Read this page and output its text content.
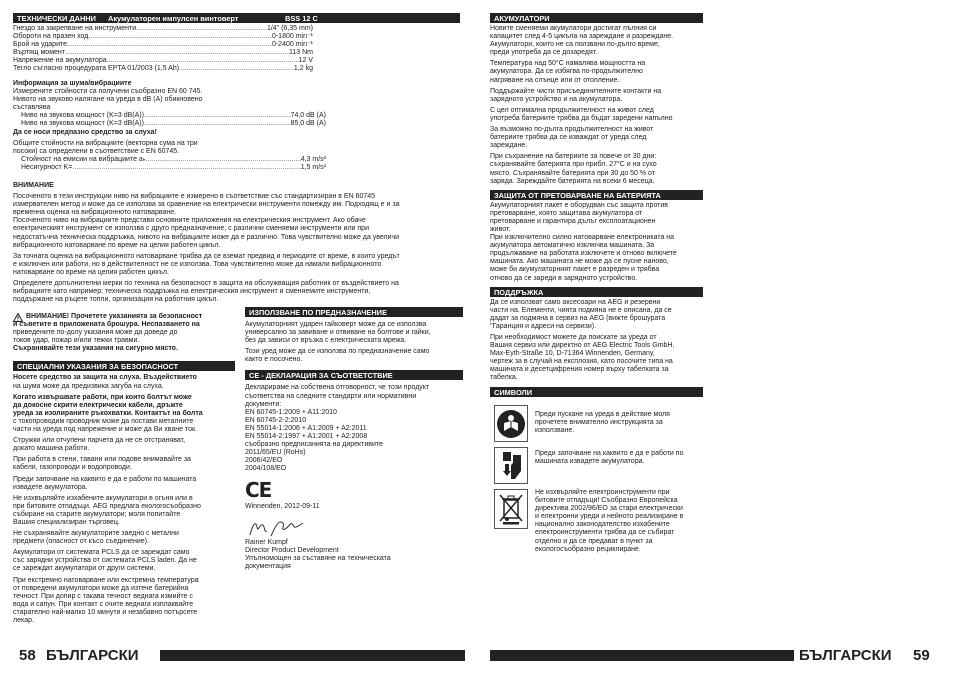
ТЕХНИЧЕСКИ ДАННИ Акумулаторен импулсен винтоверт	BSS 12 C
Гнездо за закрепване на инструменти .....	1/4" (6,35 mm)
Обороти на празен ход .....	0-1800 min⁻¹
Брой на ударите .....	0-2400 min⁻¹
Въртящ момент .....	113 Nm
Напрежение на акумулатора .....	12 V
Тегло съгласно процедурата EPTA 01/2003 (1,5 Ah) .....	1,2 kg

Информация за шума/вибрациите

Измерените стойности са получени съобразно EN 60 745.

Нивото на звуково налягане на уреда в dB (A) обикновено

съставлява

Ниво на звукова мощност (K=3 dB(A)) .....	74,0 dB (A)
Ниво на звукова мощност (K=3 dB(A)) .....	85,0 dB (A)

Да се носи предпазно средство за слуха!

Общите стойности на вибрациите (векторна сума на три

посоки) са определени в съответствие с EN 60745.

Стойност на емисии на вибрациите aₕ .....	4,3 m/s²
Несигурност K= .....	1,5 m/s²

ВНИМАНИЕ

Посоченото в тези инструкции ниво на вибрациите е измерено в съответствие със стандартизиран в EN 60745

измервателен метод и може да се използва за сравнение на електрически инструменти помежду им. Подходящ е и за

временна оценка на вибрационното натоварване.

Посоченото ниво на вибрациите представя основните приложения на електрическия инструмент. Ако обаче

електрическият инструмент се използва с друго предназначение, с различни сменяеми инструменти или при

недостатъчна техническа поддръжка, нивото на вибрациите може да е различно. Това чувствително може да увеличи

вибрационното натоварване по време на целия работен цикъл.

За точната оценка на вибрационното натоварване трябва да се вземат предвид и периодите от време, в които уредът

е изключен или работи, но в действителност не се използва. Това чувствително може да намали вибрационното

натоварване по време на целия работен цикъл.

Определете допълнителни мерки по техника на безопасност в защита на обслужващия работник от въздействието на

вибрациите като например: техническа поддръжка на електрическия инструмент и сменяемите инструменти,

поддържане на ръцете топли, организация на работния цикъл.

ВНИМАНИЕ! Прочетете указанията за безопасност

и съветите в приложената брошура. Неспазването на

приведените по-долу указания може да доведе до

токов удар, пожар и/или тежки травми.

Съхранявайте тези указания на сигурно място.

СПЕЦИАЛНИ УКАЗАНИЯ ЗА БЕЗОПАСНОСТ

Носете средство за защита на слуха. Въздействието

на шума може да предизвика загуба на слуха.

Когато извършвате работи, при които болтът може

да докосне скрити електрически кабели, дръжте

уреда за изолираните ръкохватки. Контактът на болта

с токопроводим проводник може да постави металните

части на уреда под напрежение и може да Ви хване ток.

Стружки или отчупени парчета да не се отстраняват,

докато машина работи.

При работа в стени, тавани или подове внимавайте за

кабели, газопроводи и водопроводи.

Преди започване на каквито е да е работи по машината

извадете акумулатора.

Не изхвърляйте изхабените акумулатори в огъня или в

при битовите отпадъци. AEG предлага екологосъобразно

събиране на старите акумулатори; моля попитайте

Вашия специализиран търговец.

Не съхранявайте акумулаторите заедно с метални

предмети (опасност от късо съединение).

Акумулатори от системата PCLS да се зареждат само

със зарядни устройства от системата PCLS laden. Да не

се зареждат акумулатори от други системи.

При екстремно натоварване или екстремна температура

от повредени акумулатори може да изтече батерийна

течност. При допир с такава течност веднага измийте с

вода и сапун. При контакт с очите веднага изплаквайте

старателно най-малко 10 минути и незабавно потърсете

лекар.

ИЗПОЛЗВАНЕ ПО ПРЕДНАЗНАЧЕНИЕ

Акумулаторният ударен гайковерт може да се използва

универсално за завиване и отвиване на болтове и гайки,

без да зависи от връзка с електрическата мрежа.

Този уред може да се използва по предназначение само

както е посочено.

CE - ДЕКЛАРАЦИЯ ЗА СЪОТВЕТСТВИЕ

Декларираме на собствена отговорност, че този продукт

съответства на следните стандарти или нормативни

документи:

EN 60745-1:2009 + A11:2010

EN 60745-2-2:2010

EN 55014-1:2006 + A1:2009 + A2:2011

EN 55014-2:1997 + A1:2001 + A2:2008

съобразно предписанията на директивите

2011/65/EU (RoHs)

2006/42/EO

2004/108/EO

CE

Winnenden, 2012-09-11

Rainer Kumpf

Director Product Development

Упълномощен за съставяне на техническата

документация

58 БЪЛГАРСКИ
АКУМУЛАТОРИ

Новите сменяеми акумулатори достигат пълния си

капацитет след 4-5 цикъла на зареждане и разреждане.

Акумулатори, които не са ползвани по-дълго време,

преди употреба да се дозаредят.

Температура над 50°C намалява мощността на

акумулатора. Да се избягва по-продължително

нагряване на слънце или от отопление.

Поддържайте чисти присъединителните контакти на

зарядното устройство и на акумулатора.

С цел оптимална продължителност на живот след

употреба батериите трябва да бъдат заредени напълно

За възможно по-дълга продължителност на живот

батериите трябва да се изваждат от уреда след

зареждане.

При съхранение на батериите за повече от 30 дни:

съхранявайте батерията при прибл. 27°C и на сухо

място. Съхранявайте батерията при 30 до 50 % от

заряда. Зареждайте батерията на всеки 6 месеца.

ЗАЩИТА ОТ ПРЕТОВАРВАНЕ НА БАТЕРИЯТА

Акумулаторният пакет е оборудван със защита против

претоварване, която защитава акумулатора от

претоварване и гарантира дълъг експлоатационен

живот.

При изключително силно натоварване електрониката на

акумулатора автоматично изключва машината. За

продължаване на работата изключете и отново включете

машината. Ако машината не може да се пусне наново,

може би акумулаторният пакет е разреден и трябва

отново да се зареди в зарядното устройство.

ПОДДРЪЖКА

Да се използват само аксесоари на AEG и резервни

части на. Елементи, чията подмяна не е описана, да се

дадат за подмяна в сервиз на AEG (вижте брошурата

"Гаранция и адреси на сервизи).

При необходимост можете да поискате за уреда от

Вашия сервиз или директно от AEG Electric Tools GmbH,

Max-Eyth-Straße 10, D-71364 Winnenden, Germany,

чертеж за в случай на експлозия, като посочите типа на

машината и десетцифрения номер върху табелката за

табелка.

СИМВОЛИ

Преди пускане на уреда в действие моля

прочетете внимателно инструкцията за

използване.

Преди започване на каквито е да е работи по

машината извадете акумулатора.

Не изхвърляйте електроинструменти при

битовите отпадъци! Съобразно Европейска

директива 2002/96/EO за стари електрически

и електронни уреди и нейното реализиране в

национално законодателство изхабените

електроинструменти трябва да се събират

отделно и да се предават в пункт за

екологосъобразно рециклиране.

БЪЛГАРСКИ 59
